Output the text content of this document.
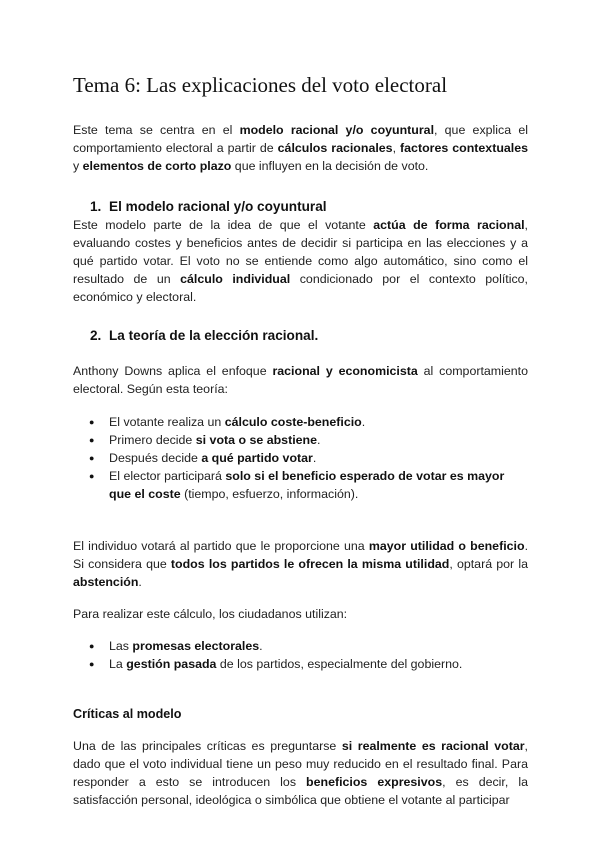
Tema 6: Las explicaciones del voto electoral

Este tema se centra en el modelo racional y/o coyuntural, que explica el comportamiento electoral a partir de cálculos racionales, factores contextuales y elementos de corto plazo que influyen en la decisión de voto.

1. El modelo racional y/o coyuntural

Este modelo parte de la idea de que el votante actúa de forma racional, evaluando costes y beneficios antes de decidir si participa en las elecciones y a qué partido votar. El voto no se entiende como algo automático, sino como el resultado de un cálculo individual condicionado por el contexto político, económico y electoral.

2. La teoría de la elección racional.

Anthony Downs aplica el enfoque racional y economicista al comportamiento electoral. Según esta teoría:

● El votante realiza un cálculo coste-beneficio.
● Primero decide si vota o se abstiene.
● Después decide a qué partido votar.
● El elector participará solo si el beneficio esperado de votar es mayor que el coste (tiempo, esfuerzo, información).

El individuo votará al partido que le proporcione una mayor utilidad o beneficio. Si considera que todos los partidos le ofrecen la misma utilidad, optará por la abstención.

Para realizar este cálculo, los ciudadanos utilizan:

● Las promesas electorales.
● La gestión pasada de los partidos, especialmente del gobierno.
Críticas al modelo

Una de las principales críticas es preguntarse si realmente es racional votar, dado que el voto individual tiene un peso muy reducido en el resultado final. Para responder a esto se introducen los beneficios expresivos, es decir, la satisfacción personal, ideológica o simbólica que obtiene el votante al participar
